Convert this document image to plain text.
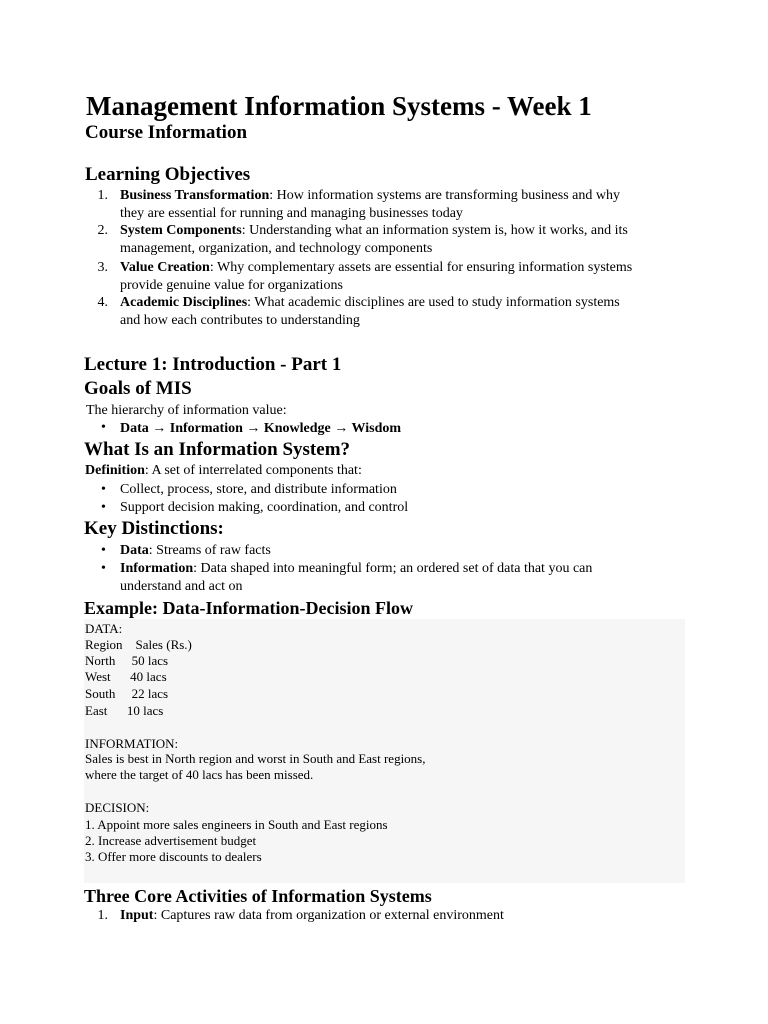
Management Information Systems - Week 1
Course Information
Learning Objectives
1. Business Transformation: How information systems are transforming business and why
they are essential for running and managing businesses today
2. System Components: Understanding what an information system is, how it works, and its
management, organization, and technology components
3. Value Creation: Why complementary assets are essential for ensuring information systems
provide genuine value for organizations
4. Academic Disciplines: What academic disciplines are used to study information systems
and how each contributes to understanding
Lecture 1: Introduction - Part 1
Goals of MIS
The hierarchy of information value:
• Data → Information → Knowledge → Wisdom
What Is an Information System?
Definition: A set of interrelated components that:
• Collect, process, store, and distribute information
• Support decision making, coordination, and control
Key Distinctions:
• Data: Streams of raw facts
• Information: Data shaped into meaningful form; an ordered set of data that you can
understand and act on
Example: Data-Information-Decision Flow
DATA:
Region    Sales (Rs.)
North     50 lacs
West      40 lacs
South     22 lacs
East      10 lacs
INFORMATION:
Sales is best in North region and worst in South and East regions,
where the target of 40 lacs has been missed.
DECISION:
1. Appoint more sales engineers in South and East regions
2. Increase advertisement budget
3. Offer more discounts to dealers
Three Core Activities of Information Systems
1. Input: Captures raw data from organization or external environment
